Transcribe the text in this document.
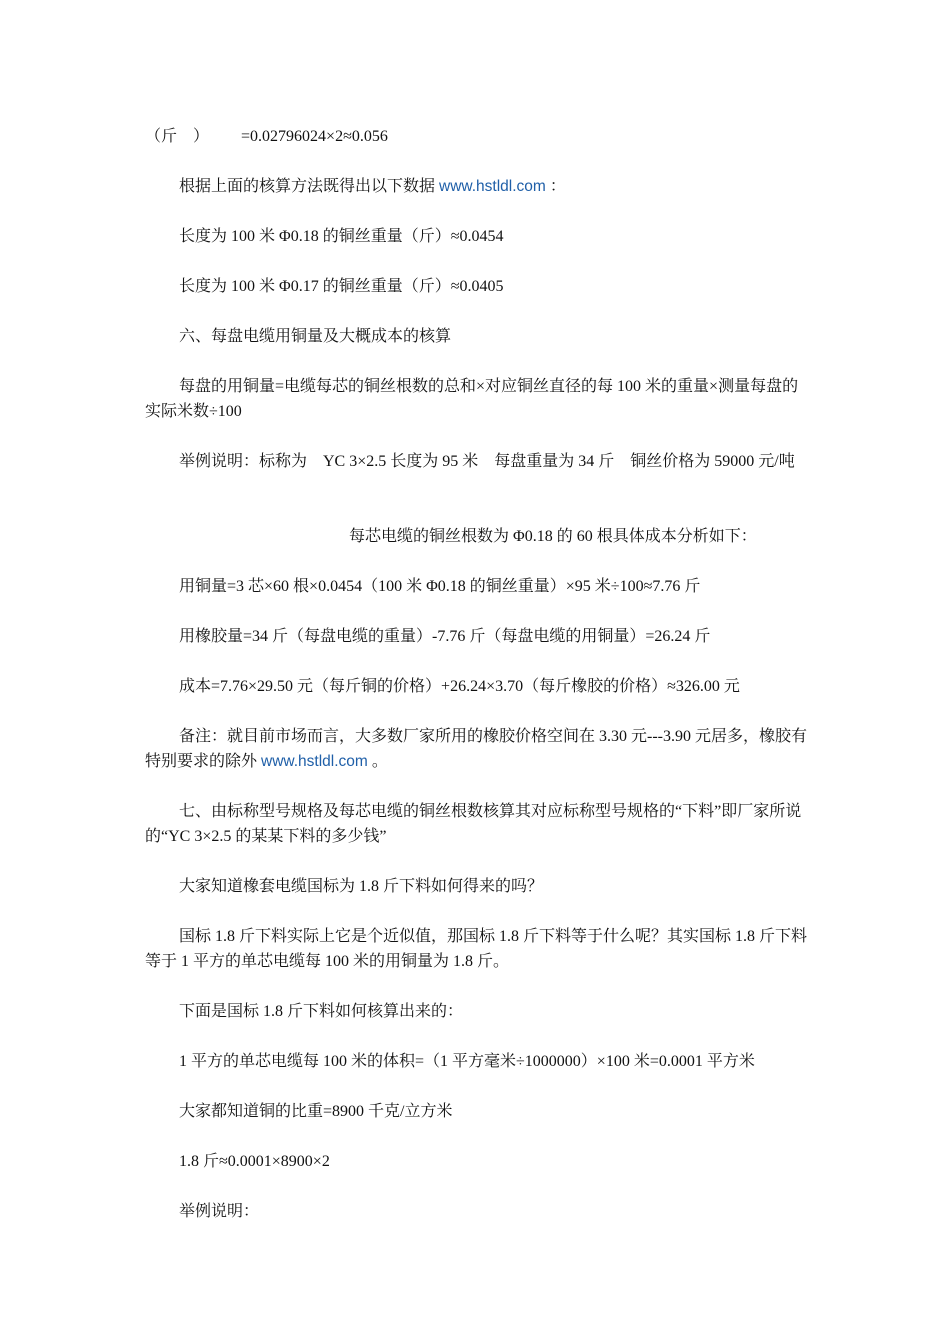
（斤　） =0.02796024×2≈0.056

根据上面的核算方法既得出以下数据 www.hstldl.com ：

长度为 100 米 Φ0.18 的铜丝重量（斤）≈0.0454

长度为 100 米 Φ0.17 的铜丝重量（斤）≈0.0405

六、每盘电缆用铜量及大概成本的核算

每盘的用铜量=电缆每芯的铜丝根数的总和×对应铜丝直径的每 100 米的重量×测量每盘的实际米数÷100

举例说明：标称为　YC 3×2.5 长度为 95 米　每盘重量为 34 斤　铜丝价格为 59000 元/吨

每芯电缆的铜丝根数为 Φ0.18 的 60 根具体成本分析如下：

用铜量=3 芯×60 根×0.0454（100 米 Φ0.18 的铜丝重量）×95 米÷100≈7.76 斤

用橡胶量=34 斤（每盘电缆的重量）-7.76 斤（每盘电缆的用铜量）=26.24 斤

成本=7.76×29.50 元（每斤铜的价格）+26.24×3.70（每斤橡胶的价格）≈326.00 元

备注：就目前市场而言，大多数厂家所用的橡胶价格空间在 3.30 元---3.90 元居多，橡胶有特别要求的除外 www.hstldl.com 。

七、由标称型号规格及每芯电缆的铜丝根数核算其对应标称型号规格的“下料”即厂家所说的“YC 3×2.5 的某某下料的多少钱”

大家知道橡套电缆国标为 1.8 斤下料如何得来的吗？

国标 1.8 斤下料实际上它是个近似值，那国标 1.8 斤下料等于什么呢？其实国标 1.8 斤下料等于 1 平方的单芯电缆每 100 米的用铜量为 1.8 斤。

下面是国标 1.8 斤下料如何核算出来的：

1 平方的单芯电缆每 100 米的体积=（1 平方毫米÷1000000）×100 米=0.0001 平方米

大家都知道铜的比重=8900 千克/立方米

1.8 斤≈0.0001×8900×2

举例说明：
